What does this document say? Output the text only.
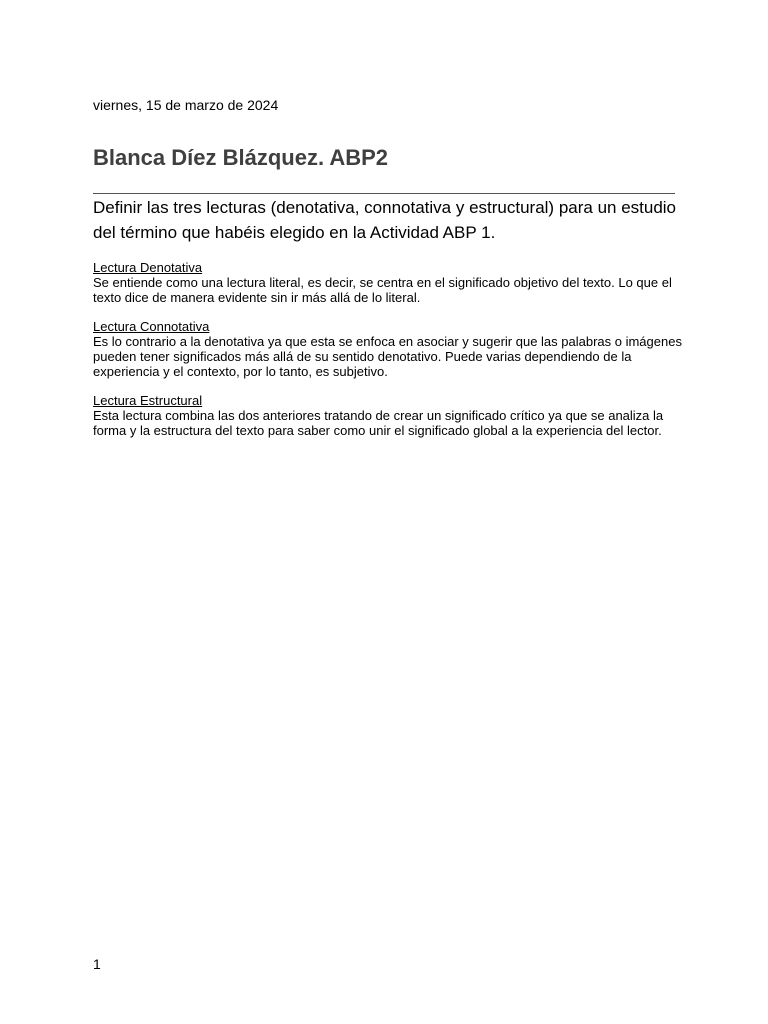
viernes, 15 de marzo de 2024
Blanca Díez Blázquez. ABP2

Definir las tres lecturas (denotativa, connotativa y estructural) para un estudio del término que habéis elegido en la Actividad ABP 1.

Lectura Denotativa
Se entiende como una lectura literal, es decir, se centra en el significado objetivo del texto. Lo que el texto dice de manera evidente sin ir más allá de lo literal.
Lectura Connotativa
Es lo contrario a la denotativa ya que esta se enfoca en asociar y sugerir que las palabras o imágenes pueden tener significados más allá de su sentido denotativo. Puede varias dependiendo de la experiencia y el contexto, por lo tanto, es subjetivo.
Lectura Estructural
Esta lectura combina las dos anteriores tratando de crear un significado crítico ya que se analiza la forma y la estructura del texto para saber como unir el significado global a la experiencia del lector.
1
